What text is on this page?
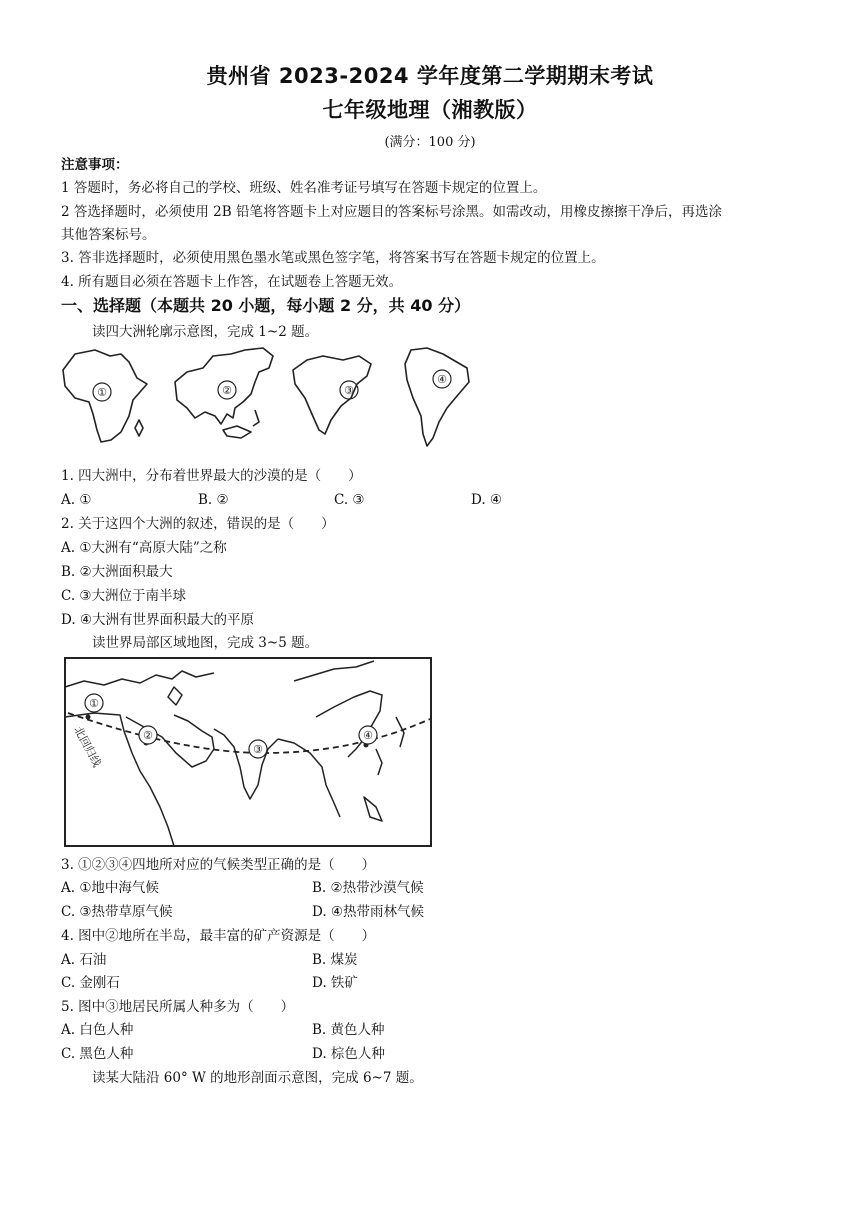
贵州省 2023-2024 学年度第二学期期末考试
七年级地理（湘教版）
(满分：100 分)
注意事项：
1 答题时，务必将自己的学校、班级、姓名准考证号填写在答题卡规定的位置上。
2 答选择题时，必须使用 2B 铅笔将答题卡上对应题目的答案标号涂黑。如需改动，用橡皮擦擦干净后，再选涂
其他答案标号。
3. 答非选择题时，必须使用黑色墨水笔或黑色签字笔，将答案书写在答题卡规定的位置上。
4. 所有题目必须在答题卡上作答，在试题卷上答题无效。
一、选择题（本题共 20 小题，每小题 2 分，共 40 分）
读四大洲轮廓示意图，完成 1~2 题。
①	②	③
④
1. 四大洲中，分布着世界最大的沙漠的是（　　）
A. ①	B. ②	C. ③	D. ④
2. 关于这四个大洲的叙述，错误的是（　　）
A. ①大洲有“高原大陆”之称
B. ②大洲面积最大
C. ③大洲位于南半球
D. ④大洲有世界面积最大的平原
读世界局部区域地图，完成 3~5 题。
①
②
③
④
北回归线
3. ①②③④四地所对应的气候类型正确的是（　　）
A. ①地中海气候	B. ②热带沙漠气候
C. ③热带草原气候	D. ④热带雨林气候
4. 图中②地所在半岛，最丰富的矿产资源是（　　）
A. 石油	B. 煤炭
C. 金刚石	D. 铁矿
5. 图中③地居民所属人种多为（　　）
A. 白色人种	B. 黄色人种
C. 黑色人种	D. 棕色人种
读某大陆沿 60° W 的地形剖面示意图，完成 6~7 题。
